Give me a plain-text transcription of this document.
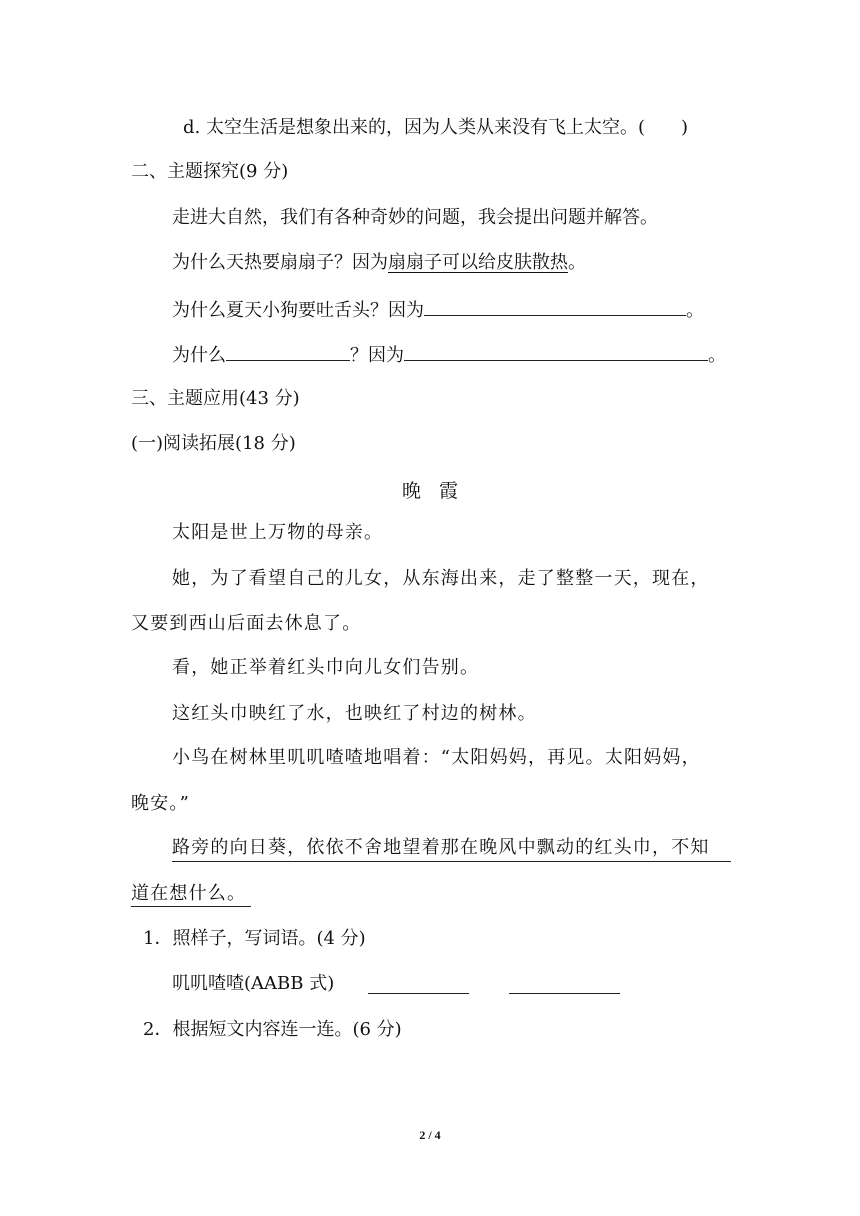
d. 太空生活是想象出来的，因为人类从来没有飞上太空。(　　)
二、主题探究(9 分)
走进大自然，我们有各种奇妙的问题，我会提出问题并解答。
为什么天热要扇扇子？因为扇扇子可以给皮肤散热。
为什么夏天小狗要吐舌头？因为	。
为什么	？因为	。
三、主题应用(43 分)
(一)阅读拓展(18 分)
晚霞
太阳是世上万物的母亲。
她，为了看望自己的儿女，从东海出来，走了整整一天，现在，
又要到西山后面去休息了。
看，她正举着红头巾向儿女们告别。
这红头巾映红了水，也映红了村边的树林。
小鸟在树林里叽叽喳喳地唱着：“太阳妈妈，再见。太阳妈妈，
晚安。”
路旁的向日葵，依依不舍地望着那在晚风中飘动的红头巾，不知
道在想什么。
1．照样子，写词语。(4 分)
叽叽喳喳(AABB 式)
2．根据短文内容连一连。(6 分)
2 / 4
